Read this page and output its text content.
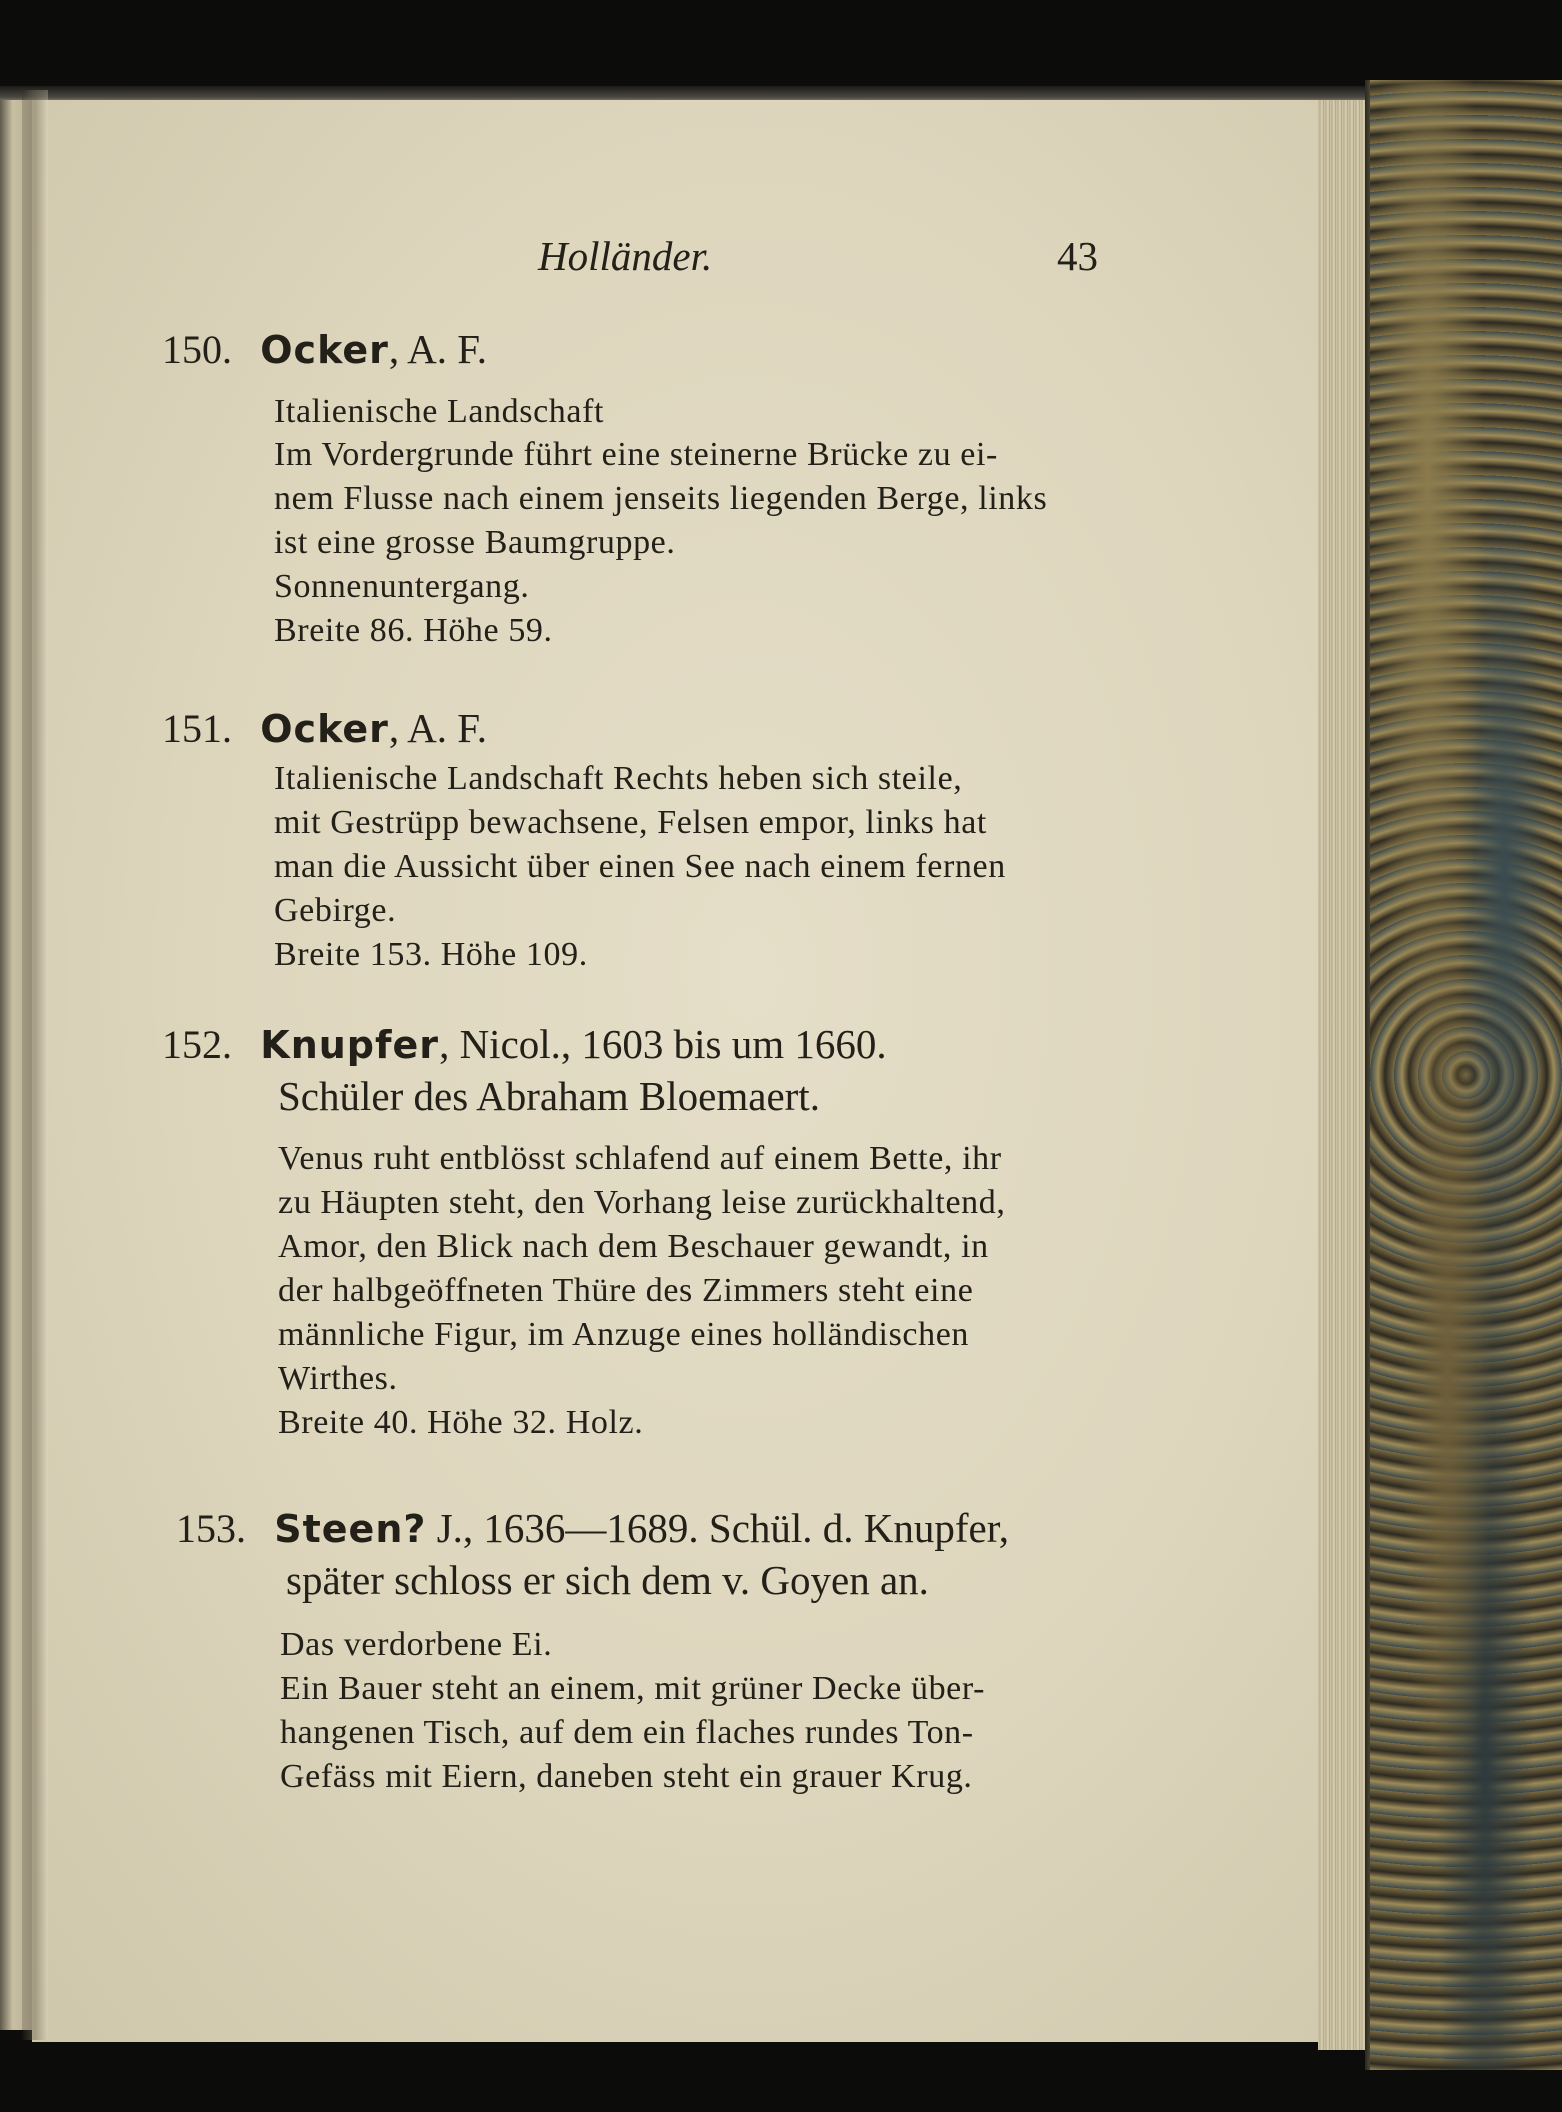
Holländer.	43
150. Ocker, A. F.
Italienische Landschaft
Im Vordergrunde führt eine steinerne Brücke zu ei-
nem Flusse nach einem jenseits liegenden Berge, links
ist eine grosse Baumgruppe.
Sonnenuntergang.
Breite 86. Höhe 59.
151. Ocker, A. F.
Italienische Landschaft Rechts heben sich steile,
mit Gestrüpp bewachsene, Felsen empor, links hat
man die Aussicht über einen See nach einem fernen
Gebirge.
Breite 153. Höhe 109.
152. Knupfer, Nicol., 1603 bis um 1660.
Schüler des Abraham Bloemaert.
Venus ruht entblösst schlafend auf einem Bette, ihr
zu Häupten steht, den Vorhang leise zurückhaltend,
Amor, den Blick nach dem Beschauer gewandt, in
der halbgeöffneten Thüre des Zimmers steht eine
männliche Figur, im Anzuge eines holländischen
Wirthes.
Breite 40. Höhe 32. Holz.
153. Steen? J., 1636—1689. Schül. d. Knupfer,
später schloss er sich dem v. Goyen an.
Das verdorbene Ei.
Ein Bauer steht an einem, mit grüner Decke über-
hangenen Tisch, auf dem ein flaches rundes Ton-
Gefäss mit Eiern, daneben steht ein grauer Krug.
